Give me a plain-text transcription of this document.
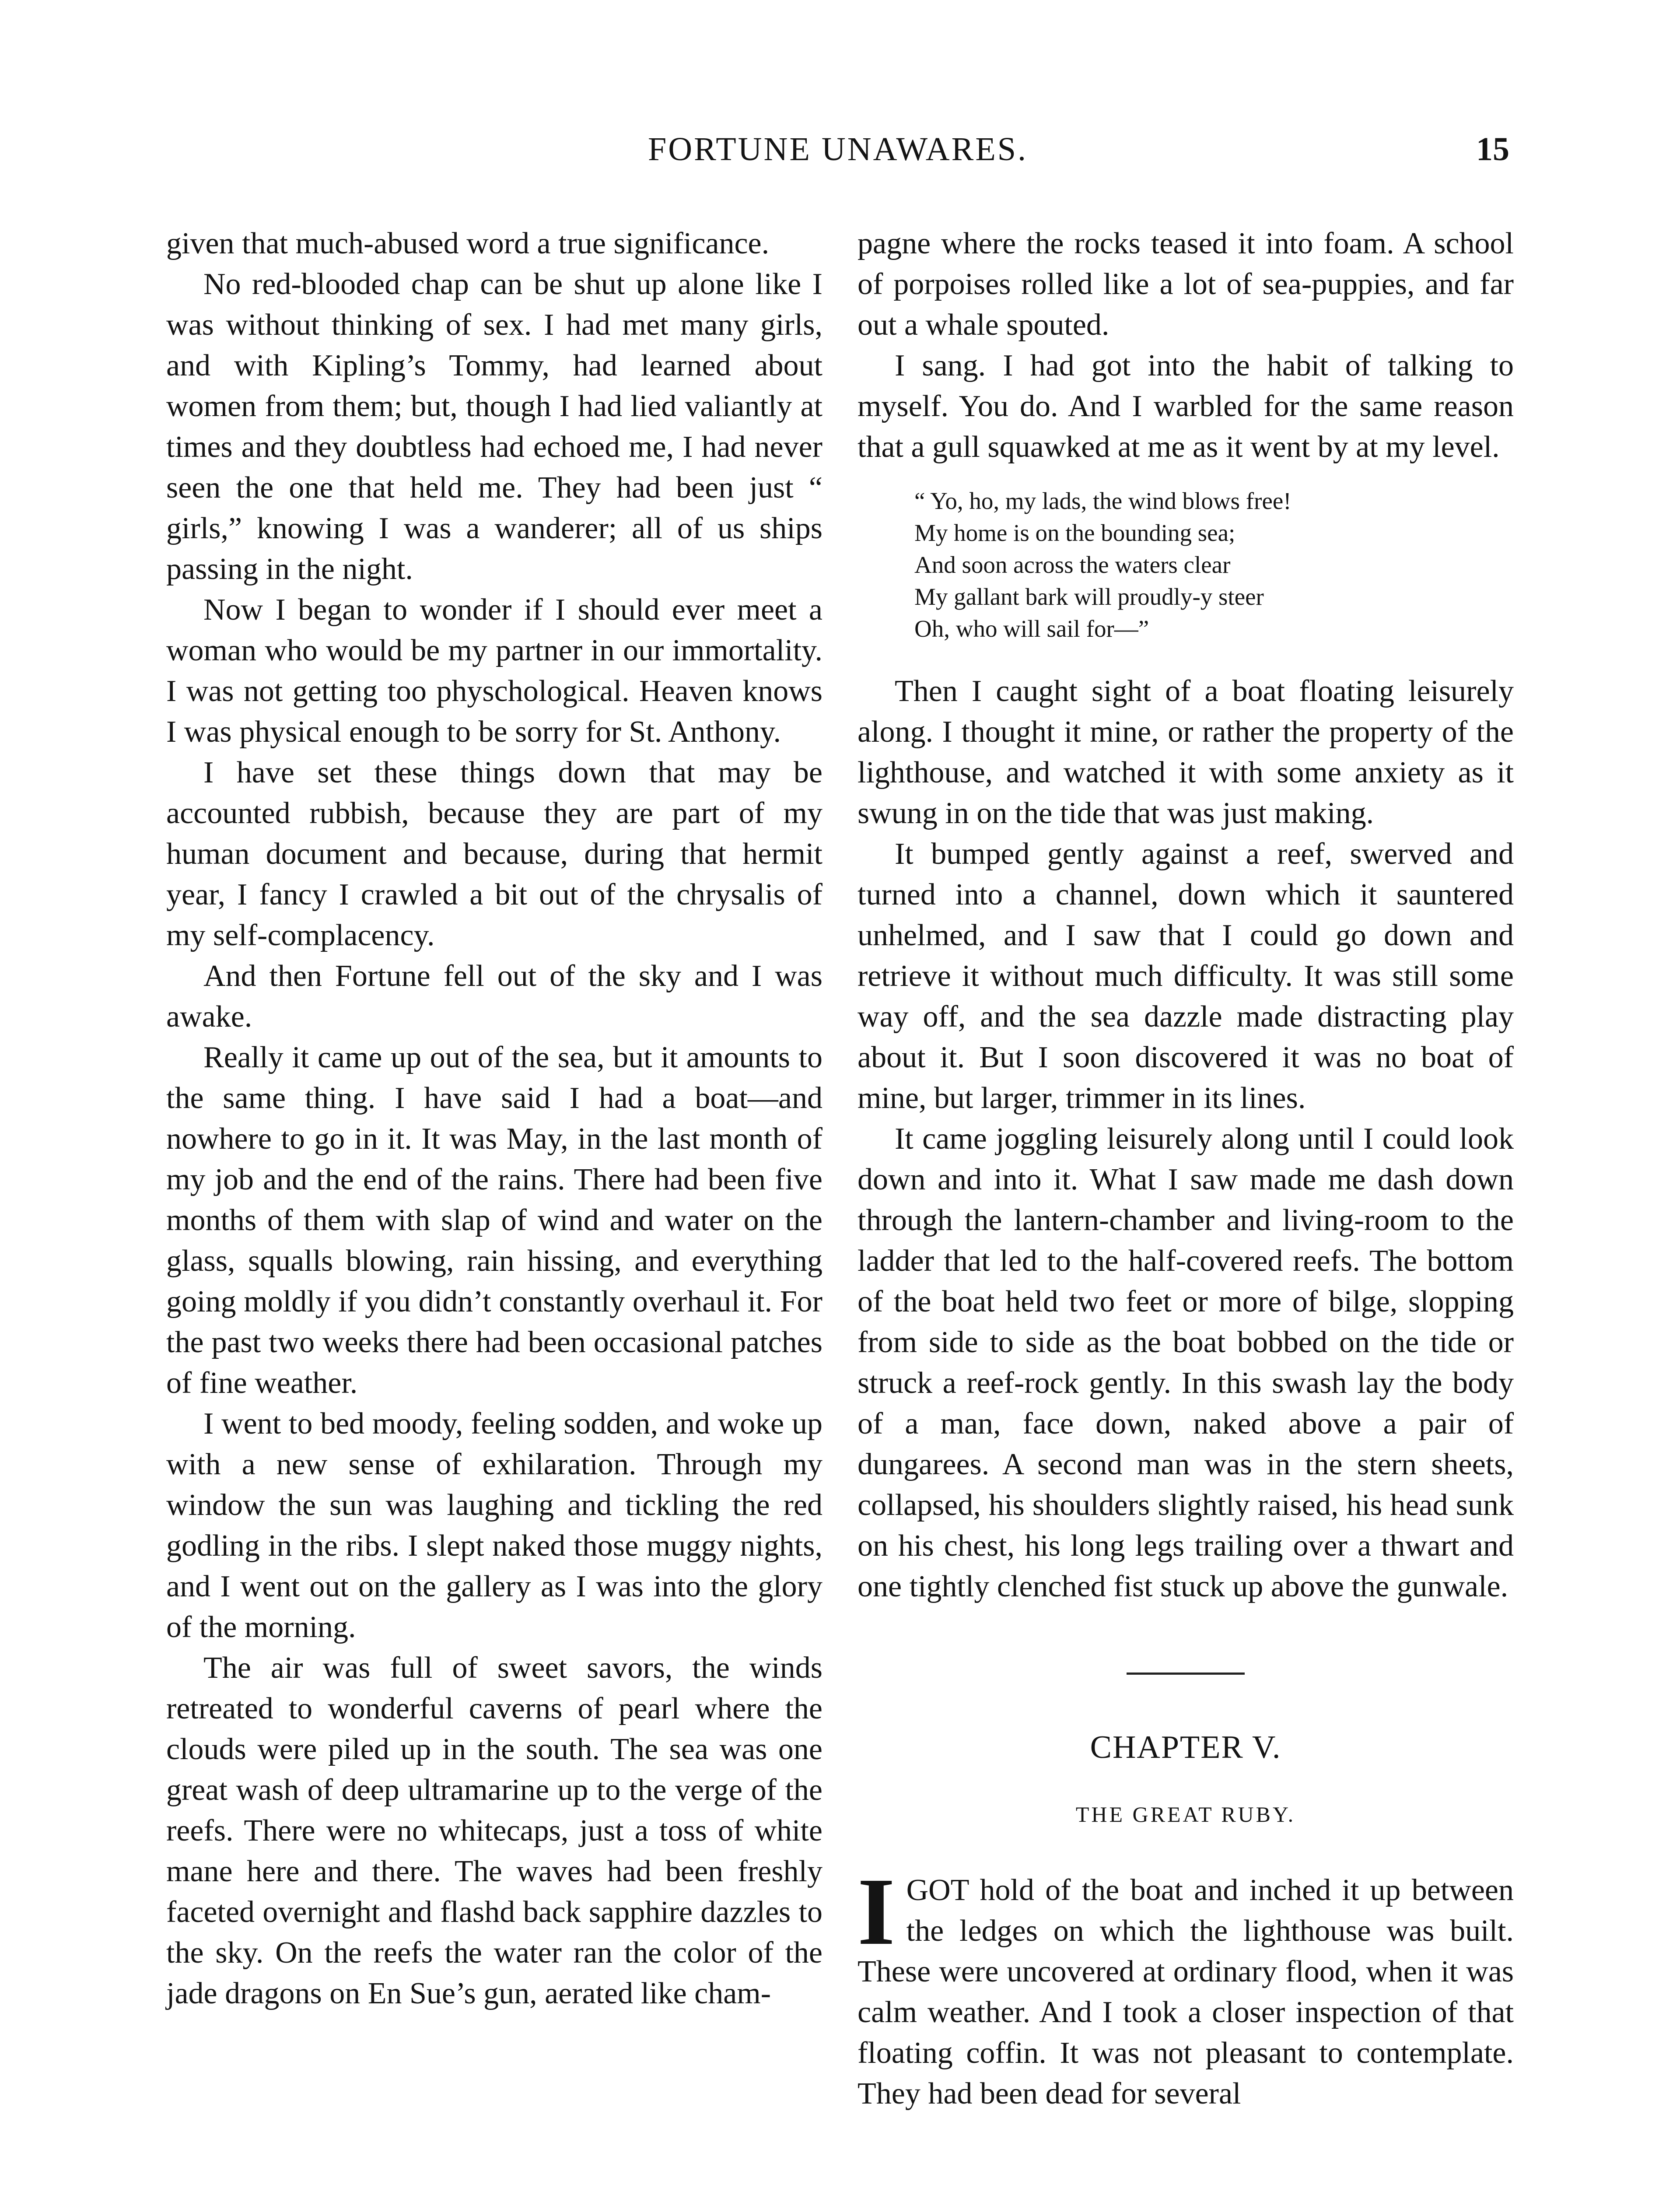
FORTUNE UNAWARES.	15

given that much-abused word a true significance.

No red-blooded chap can be shut up alone like I was without thinking of sex. I had met many girls, and with Kipling’s Tommy, had learned about women from them; but, though I had lied valiantly at times and they doubtless had echoed me, I had never seen the one that held me. They had been just “ girls,” knowing I was a wanderer; all of us ships passing in the night.

Now I began to wonder if I should ever meet a woman who would be my partner in our immortality. I was not getting too physchological. Heaven knows I was physical enough to be sorry for St. Anthony.

I have set these things down that may be accounted rubbish, because they are part of my human document and because, during that hermit year, I fancy I crawled a bit out of the chrysalis of my self-complacency.

And then Fortune fell out of the sky and I was awake.

Really it came up out of the sea, but it amounts to the same thing. I have said I had a boat—and nowhere to go in it. It was May, in the last month of my job and the end of the rains. There had been five months of them with slap of wind and water on the glass, squalls blowing, rain hissing, and everything going moldly if you didn’t constantly overhaul it. For the past two weeks there had been occasional patches of fine weather.

I went to bed moody, feeling sodden, and woke up with a new sense of exhilaration. Through my window the sun was laughing and tickling the red godling in the ribs. I slept naked those muggy nights, and I went out on the gallery as I was into the glory of the morning.

The air was full of sweet savors, the winds retreated to wonderful caverns of pearl where the clouds were piled up in the south. The sea was one great wash of deep ultramarine up to the verge of the reefs. There were no whitecaps, just a toss of white mane here and there. The waves had been freshly faceted overnight and flashd back sapphire dazzles to the sky. On the reefs the water ran the color of the jade dragons on En Sue’s gun, aerated like cham-

pagne where the rocks teased it into foam. A school of porpoises rolled like a lot of sea-puppies, and far out a whale spouted.

I sang. I had got into the habit of talking to myself. You do. And I warbled for the same reason that a gull squawked at me as it went by at my level.

“ Yo, ho, my lads, the wind blows free!
My home is on the bounding sea;
And soon across the waters clear
My gallant bark will proudly-y steer
Oh, who will sail for—”

Then I caught sight of a boat floating leisurely along. I thought it mine, or rather the property of the lighthouse, and watched it with some anxiety as it swung in on the tide that was just making.

It bumped gently against a reef, swerved and turned into a channel, down which it sauntered unhelmed, and I saw that I could go down and retrieve it without much difficulty. It was still some way off, and the sea dazzle made distracting play about it. But I soon discovered it was no boat of mine, but larger, trimmer in its lines.

It came joggling leisurely along until I could look down and into it. What I saw made me dash down through the lantern-chamber and living-room to the ladder that led to the half-covered reefs. The bottom of the boat held two feet or more of bilge, slopping from side to side as the boat bobbed on the tide or struck a reef-rock gently. In this swash lay the body of a man, face down, naked above a pair of dungarees. A second man was in the stern sheets, collapsed, his shoulders slightly raised, his head sunk on his chest, his long legs trailing over a thwart and one tightly clenched fist stuck up above the gunwale.

CHAPTER V.
THE GREAT RUBY.

IGOT hold of the boat and inched it up between the ledges on which the lighthouse was built. These were uncovered at ordinary flood, when it was calm weather. And I took a closer inspection of that floating coffin. It was not pleasant to contemplate. They had been dead for several
